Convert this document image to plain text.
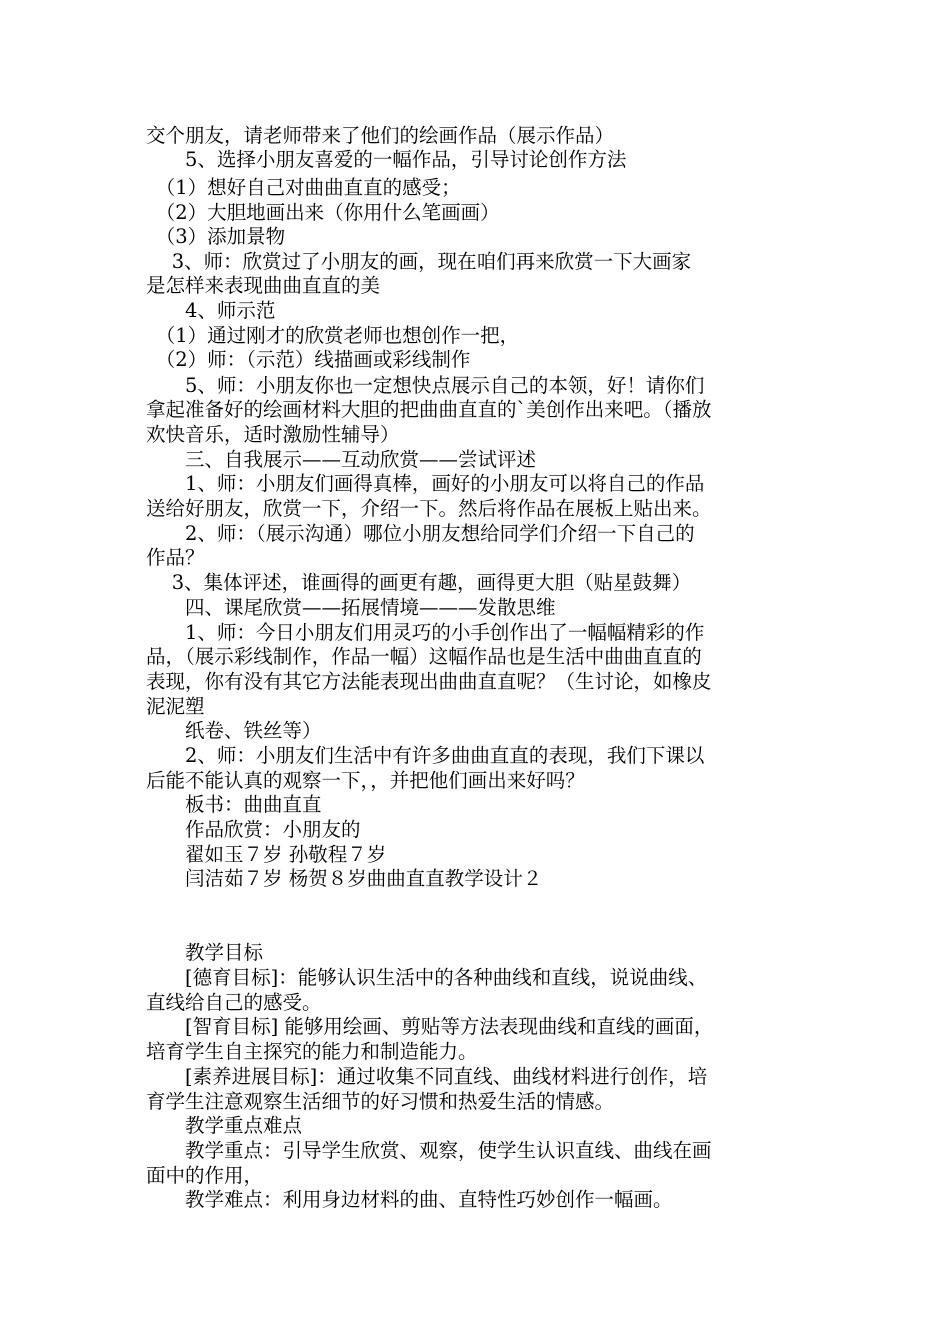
交个朋友，请老师带来了他们的绘画作品（展示作品）
　　5、选择小朋友喜爱的一幅作品，引导讨论创作方法
　（1）想好自己对曲曲直直的感受；
　（2）大胆地画出来（你用什么笔画画）
　（3）添加景物
　 3、师：欣赏过了小朋友的画，现在咱们再来欣赏一下大画家
是怎样来表现曲曲直直的美
　　4、师示范
　（1）通过刚才的欣赏老师也想创作一把，
　（2）师：（示范）线描画或彩线制作
　　5、师：小朋友你也一定想快点展示自己的本领，好！请你们
拿起准备好的绘画材料大胆的把曲曲直直的`美创作出来吧。（播放
欢快音乐，适时激励性辅导）
　　三、自我展示——互动欣赏——尝试评述
　　1、师：小朋友们画得真棒，画好的小朋友可以将自己的作品
送给好朋友，欣赏一下，介绍一下。然后将作品在展板上贴出来。
　　2、师：（展示沟通）哪位小朋友想给同学们介绍一下自己的
作品？
　 3、集体评述，谁画得的画更有趣，画得更大胆（贴星鼓舞）
　　四、课尾欣赏——拓展情境———发散思维
　　1、师：今日小朋友们用灵巧的小手创作出了一幅幅精彩的作
品，（展示彩线制作，作品一幅）这幅作品也是生活中曲曲直直的
表现，你有没有其它方法能表现出曲曲直直呢？（生讨论，如橡皮
泥泥塑
　　纸卷、铁丝等）
　　2、师：小朋友们生活中有许多曲曲直直的表现，我们下课以
后能不能认真的观察一下，，并把他们画出来好吗？
　　板书：曲曲直直
　　作品欣赏：小朋友的
　　翟如玉７岁 孙敬程７岁
　　闫洁茹７岁 杨贺８岁曲曲直直教学设计２
　　教学目标
　　[德育目标]：能够认识生活中的各种曲线和直线，说说曲线、
直线给自己的感受。
　　[智育目标] 能够用绘画、剪贴等方法表现曲线和直线的画面，
培育学生自主探究的能力和制造能力。
　　[素养进展目标]：通过收集不同直线、曲线材料进行创作，培
育学生注意观察生活细节的好习惯和热爱生活的情感。
　　教学重点难点
　　教学重点：引导学生欣赏、观察，使学生认识直线、曲线在画
面中的作用，
　　教学难点：利用身边材料的曲、直特性巧妙创作一幅画。
